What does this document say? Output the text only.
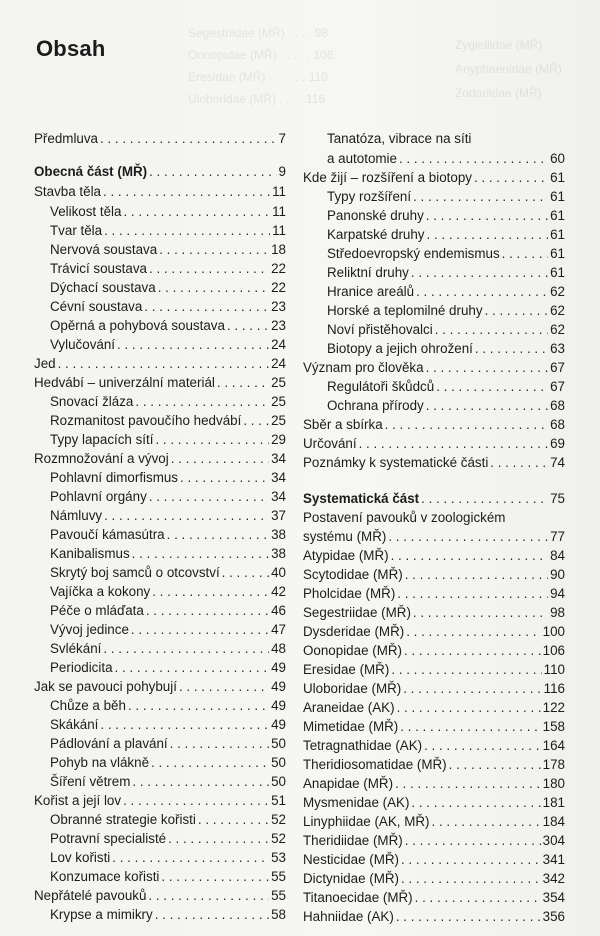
Segestriidae (MŘ) . . . . 98
Zygiellidae (MŘ)
Oonopidae (MŘ) . . . . . 106
Anyphaenidae (MŘ)
Eresidae (MŘ) . . . . . . 110
Zodariidae (MŘ)
Uloboridae (MŘ) . . . . 116
Obsah
Předmluva . . .	7
Obecná část (MŘ) . . .	9
Stavba těla . . .	11
Velikost těla . . .	11
Tvar těla . . .	11
Nervová soustava . . .	18
Trávicí soustava . . .	22
Dýchací soustava . . .	22
Cévní soustava . . .	23
Opěrná a pohybová soustava . . .	23
Vylučování . . .	24
Jed . . .	24
Hedvábí – univerzální materiál . . .	25
Snovací žláza . . .	25
Rozmanitost pavoučího hedvábí . . . 25
Typy lapacích sítí . . .	29
Rozmnožování a vývoj . . .	34
Pohlavní dimorfismus . . .	34
Pohlavní orgány . . .	34
Námluvy . . .	37
Pavoučí kámasútra . . .	38
Kanibalismus . . .	38
Skrytý boj samců o otcovství . . .	40
Vajíčka a kokony . . .	42
Péče o mláďata . . .	46
Vývoj jedince . . .	47
Svlékání . . .	48
Periodicita . . .	49
Jak se pavouci pohybují . . .	49
Chůze a běh . . .	49
Skákání . . .	49
Pádlování a plavání . . .	50
Pohyb na vlákně . . .	50
Šíření větrem . . .	50
Kořist a její lov . . .	51
Obranné strategie kořisti . . .	52
Potravní specialisté . . .	52
Lov kořisti . . .	53
Konzumace kořisti . . .	55
Nepřátelé pavouků . . .	55
Krypse a mimikry . . .	58
Tanatóza, vibrace na síti
a autotomie . . .	60
Kde žijí – rozšíření a biotopy . . .	61
Typy rozšíření . . .	61
Panonské druhy . . .	61
Karpatské druhy . . .	61
Středoevropský endemismus . . .	61
Reliktní druhy . . .	61
Hranice areálů . . .	62
Horské a teplomilné druhy . . .	62
Noví přistěhovalci . . .	62
Biotopy a jejich ohrožení . . .	63
Význam pro člověka . . .	67
Regulátoři škůdců . . .	67
Ochrana přírody . . .	68
Sběr a sbírka . . .	68
Určování . . .	69
Poznámky k systematické části . . .	74
Systematická část . . .	75
Postavení pavouků v zoologickém
systému (MŘ) . . .	77
Atypidae (MŘ) . . .	84
Scytodidae (MŘ) . . .	90
Pholcidae (MŘ) . . .	94
Segestriidae (MŘ) . . .	98
Dysderidae (MŘ) . . .	100
Oonopidae (MŘ) . . .	106
Eresidae (MŘ) . . .	110
Uloboridae (MŘ) . . .	116
Araneidae (AK) . . .	122
Mimetidae (MŘ) . . .	158
Tetragnathidae (AK) . . .	164
Theridiosomatidae (MŘ) . . .	178
Anapidae (MŘ) . . .	180
Mysmenidae (AK) . . .	181
Linyphiidae (AK, MŘ) . . .	184
Theridiidae (MŘ) . . .	304
Nesticidae (MŘ) . . .	341
Dictynidae (MŘ) . . .	342
Titanoecidae (MŘ) . . .	354
Hahniidae (AK) . . .	356
